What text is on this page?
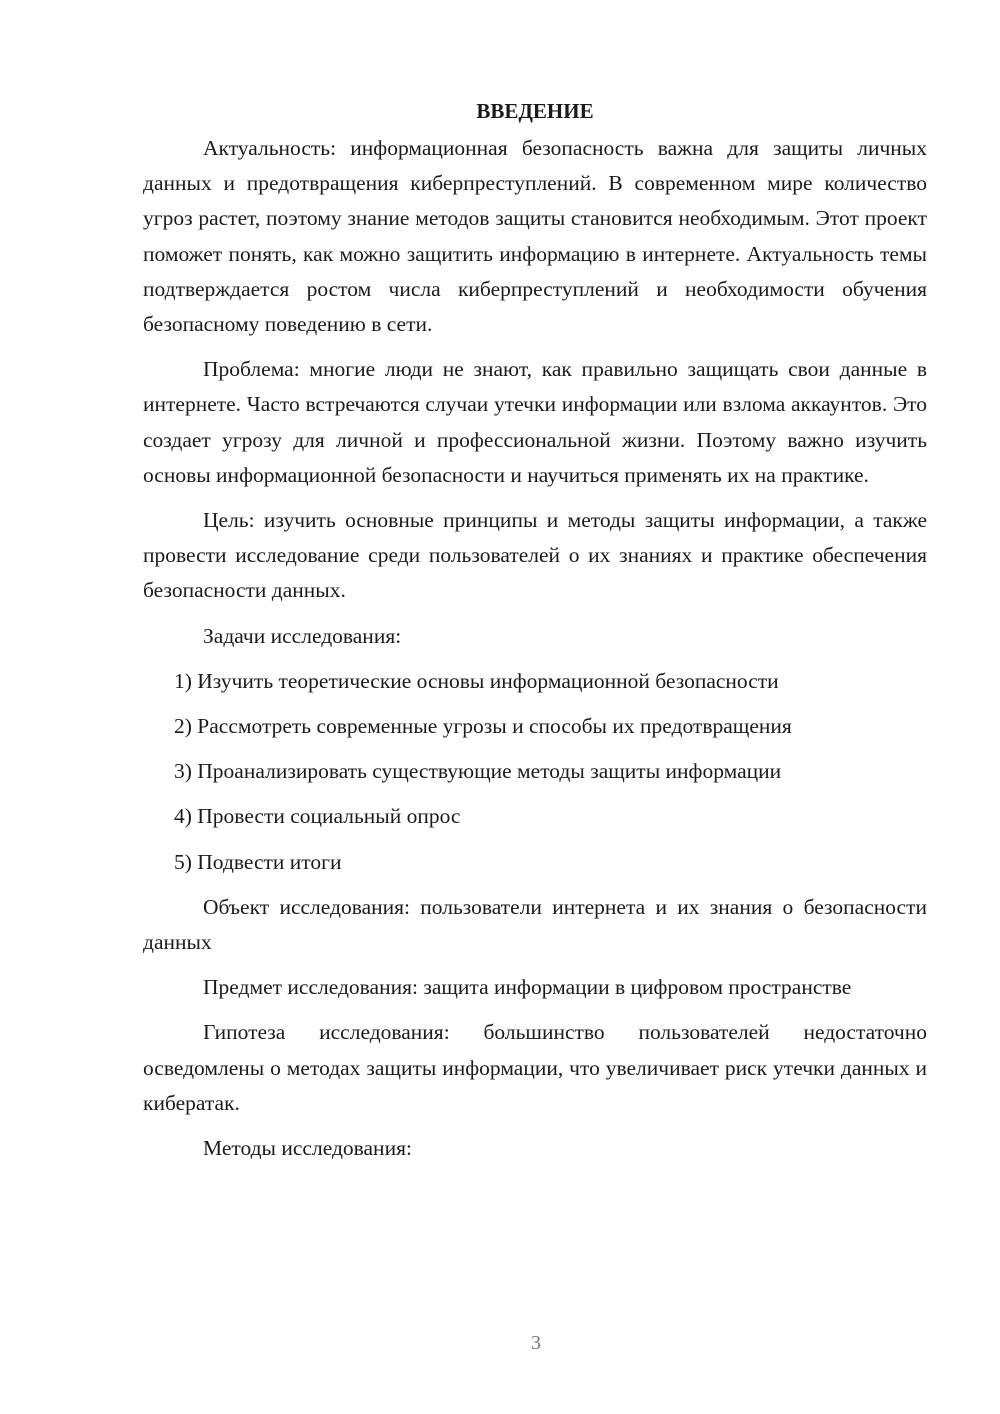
ВВЕДЕНИЕ

Актуальность: информационная безопасность важна для защиты личных данных и предотвращения киберпреступлений. В современном мире количество угроз растет, поэтому знание методов защиты становится необходимым. Этот проект поможет понять, как можно защитить информацию в интернете. Актуальность темы подтверждается ростом числа киберпреступлений и необходимости обучения безопасному поведению в сети.

Проблема: многие люди не знают, как правильно защищать свои данные в интернете. Часто встречаются случаи утечки информации или взлома аккаунтов. Это создает угрозу для личной и профессиональной жизни. Поэтому важно изучить основы информационной безопасности и научиться применять их на практике.

Цель: изучить основные принципы и методы защиты информации, а также провести исследование среди пользователей о их знаниях и практике обеспечения безопасности данных.

Задачи исследования:

1) Изучить теоретические основы информационной безопасности
2) Рассмотреть современные угрозы и способы их предотвращения
3) Проанализировать существующие методы защиты информации
4) Провести социальный опрос
5) Подвести итоги

Объект исследования: пользователи интернета и их знания о безопасности данных

Предмет исследования: защита информации в цифровом пространстве

Гипотеза исследования: большинство пользователей недостаточно осведомлены о методах защиты информации, что увеличивает риск утечки данных и кибератак.

Методы исследования:

3
